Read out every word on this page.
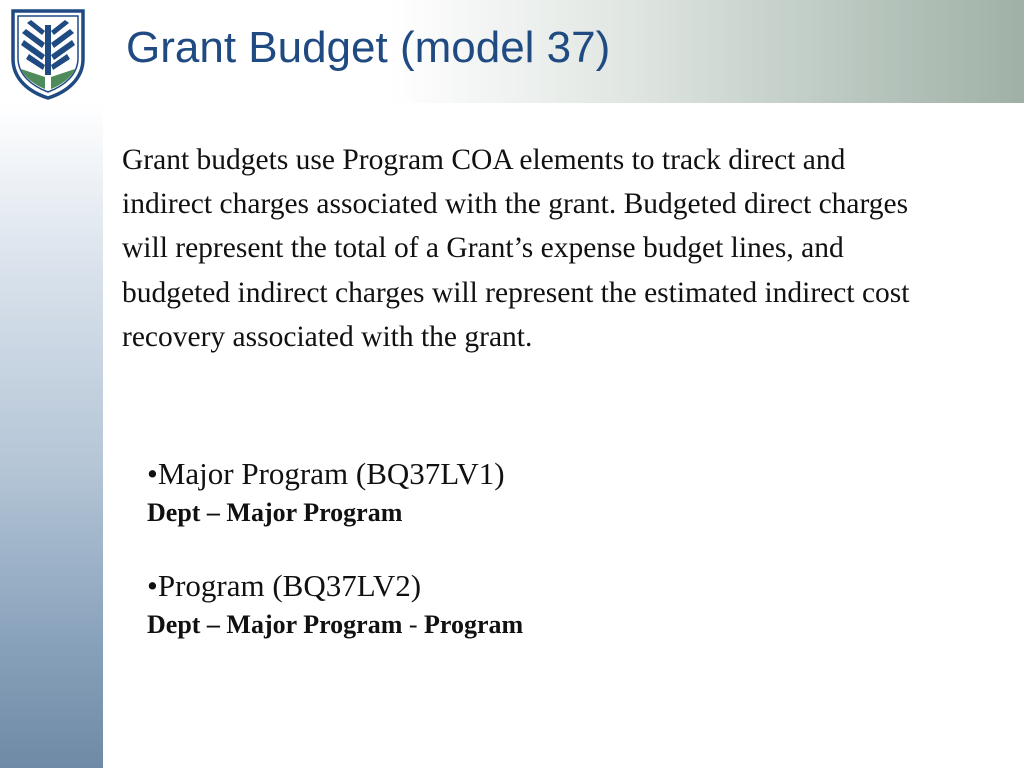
Grant Budget (model 37)

Grant budgets use Program COA elements to track direct and indirect charges associated with the grant. Budgeted direct charges will represent the total of a Grant’s expense budget lines, and budgeted indirect charges will represent the estimated indirect cost recovery associated with the grant.

•Major Program (BQ37LV1)
Dept – Major Program
•Program (BQ37LV2)
Dept – Major Program - Program
